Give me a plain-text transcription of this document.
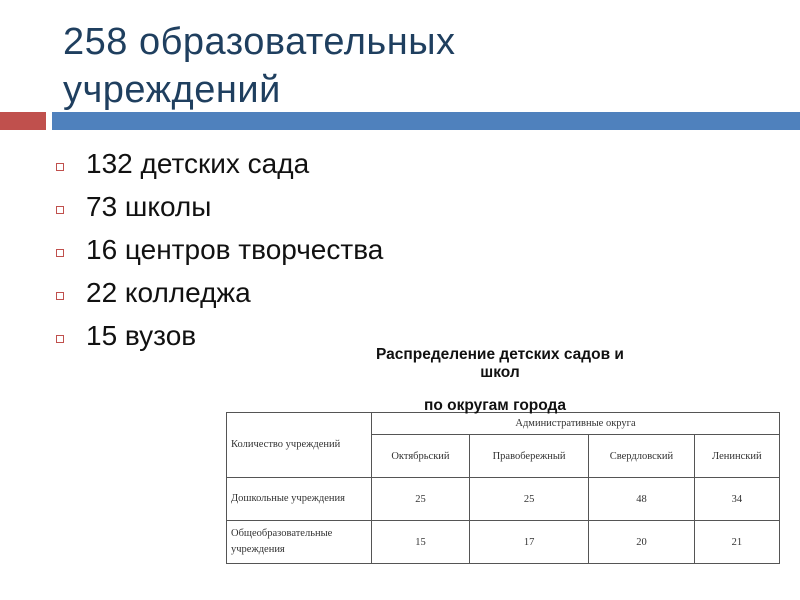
258 образовательных
учреждений
132 детских сада
73 школы
16 центров творчества
22 колледжа
15 вузов
Распределение детских садов и
школ
Количество учреждений	Административные округа			
	Октябрьский	Правобережный	Свердловский	Ленинский
Дошкольные учреждения	25	25	48	34
Общеобразовательные учреждения	15	17	20	21
по округам города
